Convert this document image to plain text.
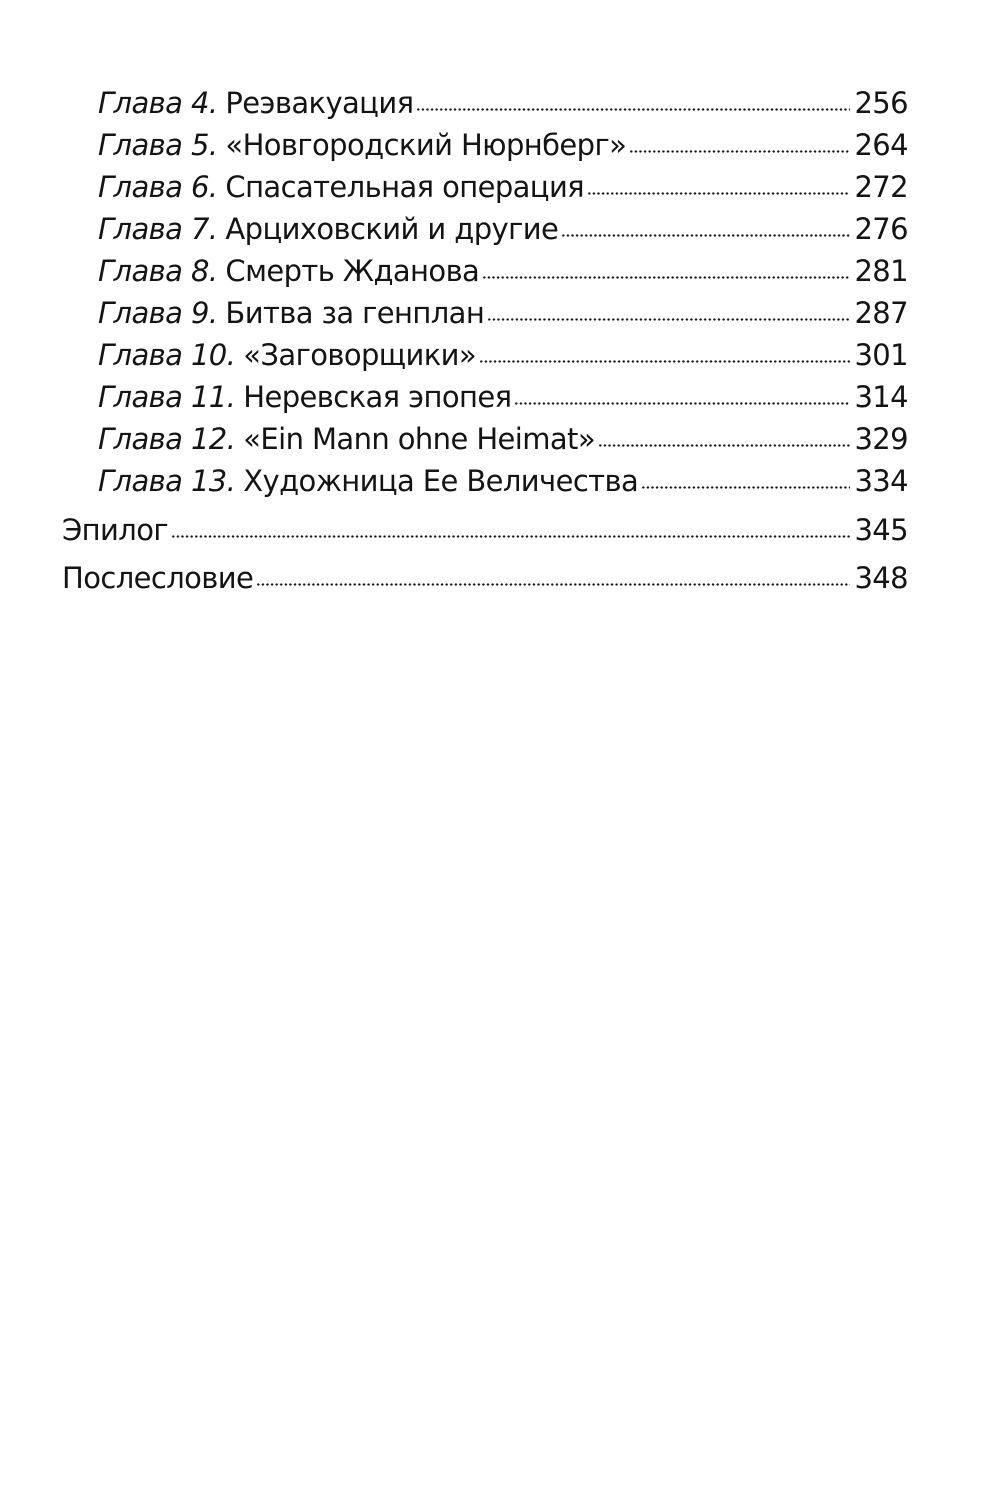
Глава 4. Реэвакуация	256
Глава 5. «Новгородский Нюрнберг»	264
Глава 6. Спасательная операция	272
Глава 7. Арциховский и другие	276
Глава 8. Смерть Жданова	281
Глава 9. Битва за генплан	287
Глава 10. «Заговорщики»	301
Глава 11. Неревская эпопея	314
Глава 12. «Ein Mann ohne Heimat»	329
Глава 13. Художница Ее Величества	334
Эпилог	345
Послесловие	348
